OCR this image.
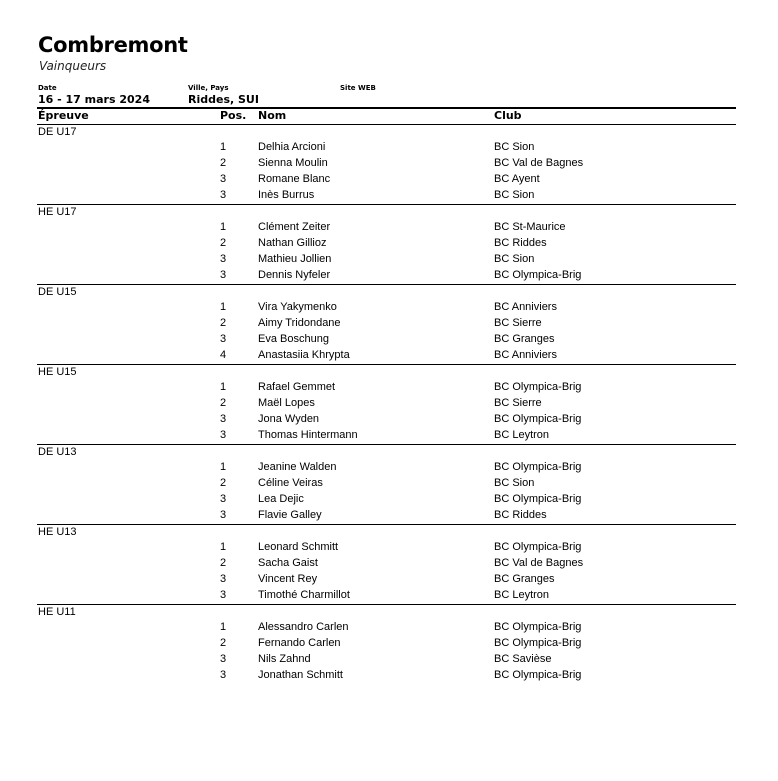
Combremont
Vainqueurs
Date
16 - 17 mars 2024
Ville, Pays
Riddes, SUI
Site WEB
Épreuve	Pos. Nom	Club
DE U17
1	Delhia Arcioni	BC Sion
2	Sienna Moulin	BC Val de Bagnes
3	Romane Blanc	BC Ayent
3	Inès Burrus	BC Sion
HE U17
1	Clément Zeiter	BC St-Maurice
2	Nathan Gillioz	BC Riddes
3	Mathieu Jollien	BC Sion
3	Dennis Nyfeler	BC Olympica-Brig
DE U15
1	Vira Yakymenko	BC Anniviers
2	Aimy Tridondane	BC Sierre
3	Eva Boschung	BC Granges
4	Anastasiia Khrypta	BC Anniviers
HE U15
1	Rafael Gemmet	BC Olympica-Brig
2	Maël Lopes	BC Sierre
3	Jona Wyden	BC Olympica-Brig
3	Thomas Hintermann	BC Leytron
DE U13
1	Jeanine Walden	BC Olympica-Brig
2	Céline Veiras	BC Sion
3	Lea Dejic	BC Olympica-Brig
3	Flavie Galley	BC Riddes
HE U13
1	Leonard Schmitt	BC Olympica-Brig
2	Sacha Gaist	BC Val de Bagnes
3	Vincent Rey	BC Granges
3	Timothé Charmillot	BC Leytron
HE U11
1	Alessandro Carlen	BC Olympica-Brig
2	Fernando Carlen	BC Olympica-Brig
3	Nils Zahnd	BC Savièse
3	Jonathan Schmitt	BC Olympica-Brig
